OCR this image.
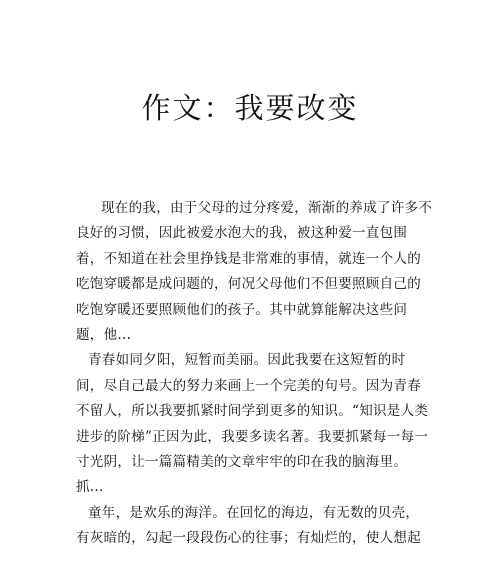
作文：我要改变
现在的我，由于父母的过分疼爱，渐渐的养成了许多不
良好的习惯，因此被爱水泡大的我，被这种爱一直包围
着，不知道在社会里挣钱是非常难的事情，就连一个人的
吃饱穿暖都是成问题的，何况父母他们不但要照顾自己的
吃饱穿暖还要照顾他们的孩子。其中就算能解决这些问
题，他...
青春如同夕阳，短暂而美丽。因此我要在这短暂的时
间，尽自己最大的努力来画上一个完美的句号。因为青春
不留人，所以我要抓紧时间学到更多的知识。“知识是人类
进步的阶梯”正因为此，我要多读名著。我要抓紧每一每一
寸光阴，让一篇篇精美的文章牢牢的印在我的脑海里。
抓...
童年，是欢乐的海洋。在回忆的海边，有无数的贝壳，
有灰暗的，勾起一段段伤心的往事；有灿烂的，使人想起
